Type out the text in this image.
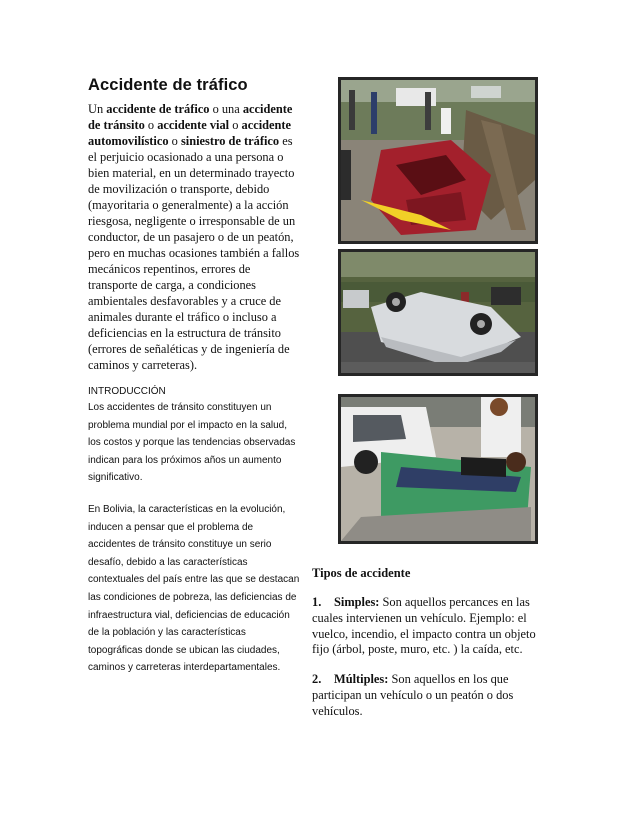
Accidente de tráfico

Un accidente de tráfico o una accidente de tránsito o accidente vial o accidente automovilístico o siniestro de tráfico es el perjuicio ocasionado a una persona o bien material, en un determinado trayecto de movilización o transporte, debido (mayoritaria o generalmente) a la acción riesgosa, negligente o irresponsable de un conductor, de un pasajero o de un peatón, pero en muchas ocasiones también a fallos mecánicos repentinos, errores de transporte de carga, a condiciones ambientales desfavorables y a cruce de animales durante el tráfico o incluso a deficiencias en la estructura de tránsito (errores de señaléticas y de ingeniería de caminos y carreteras).

INTRODUCCIÓN

Los accidentes de tránsito constituyen un problema mundial por el impacto en la salud, los costos y porque las tendencias observadas indican para los próximos años un aumento significativo.

En Bolivia, la características en la evolución, inducen a pensar que el problema de accidentes de tránsito constituye un serio desafío, debido a las características contextuales del país entre las que se destacan las condiciones de pobreza, las deficiencias de infraestructura vial, deficiencias de educación de la población y las características topográficas donde se ubican las ciudades, caminos y carreteras interdepartamentales.

Tipos de accidente

1. Simples: Son aquellos percances en las cuales intervienen un vehículo. Ejemplo: el vuelco, incendio, el impacto contra un objeto fijo (árbol, poste, muro, etc. ) la caída, etc.

2. Múltiples: Son aquellos en los que participan un vehículo o un peatón o dos vehículos.
